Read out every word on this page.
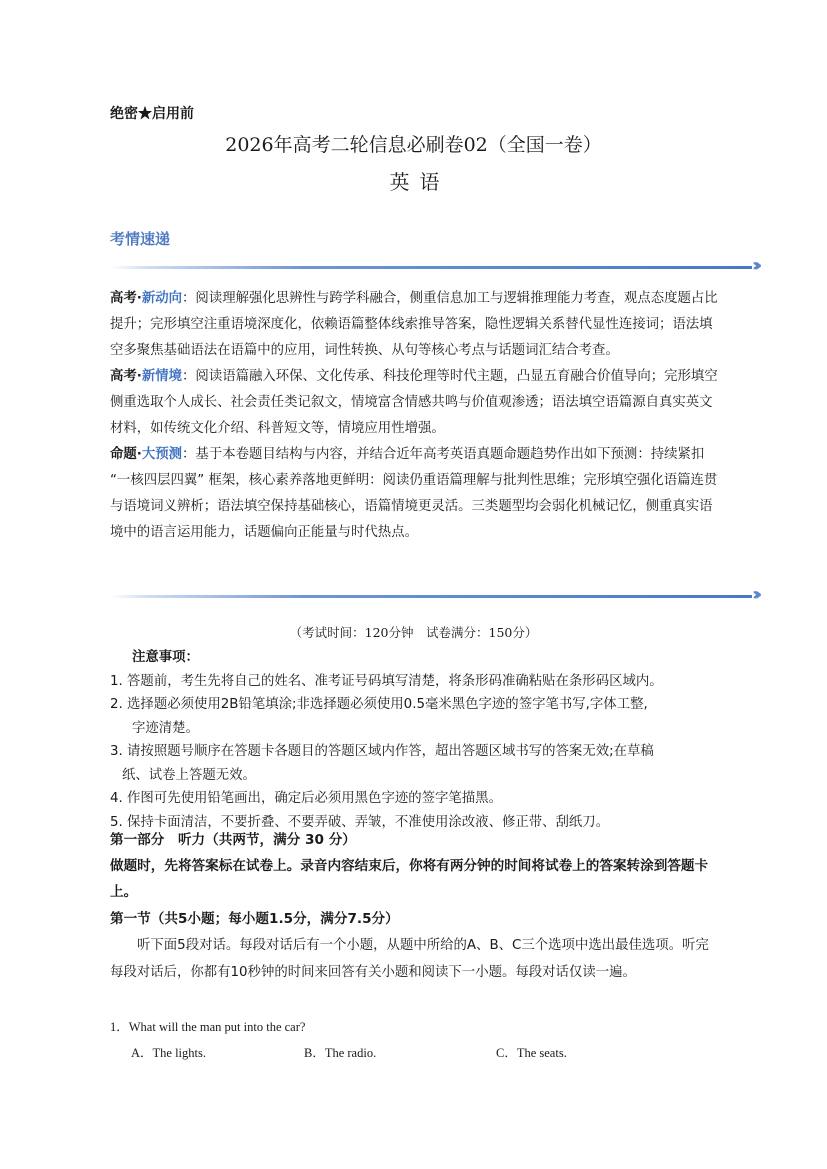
绝密★启用前
2026年高考二轮信息必刷卷02（全国一卷）
英语
考情速递
›››

高考·新动向：阅读理解强化思辨性与跨学科融合，侧重信息加工与逻辑推理能力考查，观点态度题占比提升；完形填空注重语境深度化，依赖语篇整体线索推导答案，隐性逻辑关系替代显性连接词；语法填空多聚焦基础语法在语篇中的应用，词性转换、从句等核心考点与话题词汇结合考查。

高考·新情境：阅读语篇融入环保、文化传承、科技伦理等时代主题，凸显五育融合价值导向；完形填空侧重选取个人成长、社会责任类记叙文，情境富含情感共鸣与价值观渗透；语法填空语篇源自真实英文材料，如传统文化介绍、科普短文等，情境应用性增强。

命题·大预测：基于本卷题目结构与内容，并结合近年高考英语真题命题趋势作出如下预测：持续紧扣 “一核四层四翼” 框架，核心素养落地更鲜明：阅读仍重语篇理解与批判性思维；完形填空强化语篇连贯与语境词义辨析；语法填空保持基础核心，语篇情境更灵活。三类题型均会弱化机械记忆，侧重真实语境中的语言运用能力，话题偏向正能量与时代热点。

›››
（考试时间：120分钟　试卷满分：150分）
注意事项：
1. 答题前，考生先将自己的姓名、准考证号码填写清楚，将条形码准确粘贴在条形码区域内。
2. 选择题必须使用2B铅笔填涂;非选择题必须使用0.5毫米黑色字迹的签字笔书写,字体工整,
字迹清楚。
3. 请按照题号顺序在答题卡各题目的答题区域内作答，超出答题区域书写的答案无效;在草稿
纸、试卷上答题无效。
4. 作图可先使用铅笔画出，确定后必须用黑色字迹的签字笔描黑。
5. 保持卡面清洁，不要折叠、不要弄破、弄皱，不准使用涂改液、修正带、刮纸刀。
第一部分　听力（共两节，满分 30 分）
做题时，先将答案标在试卷上。录音内容结束后，你将有两分钟的时间将试卷上的答案转涂到答题卡上。
第一节（共5小题；每小题1.5分，满分7.5分）

听下面5段对话。每段对话后有一个小题，从题中所给的A、B、C三个选项中选出最佳选项。听完每段对话后，你都有10秒钟的时间来回答有关小题和阅读下一小题。每段对话仅读一遍。

1．What will the man put into the car?
A．The lights.	B．The radio.	C．The seats.
